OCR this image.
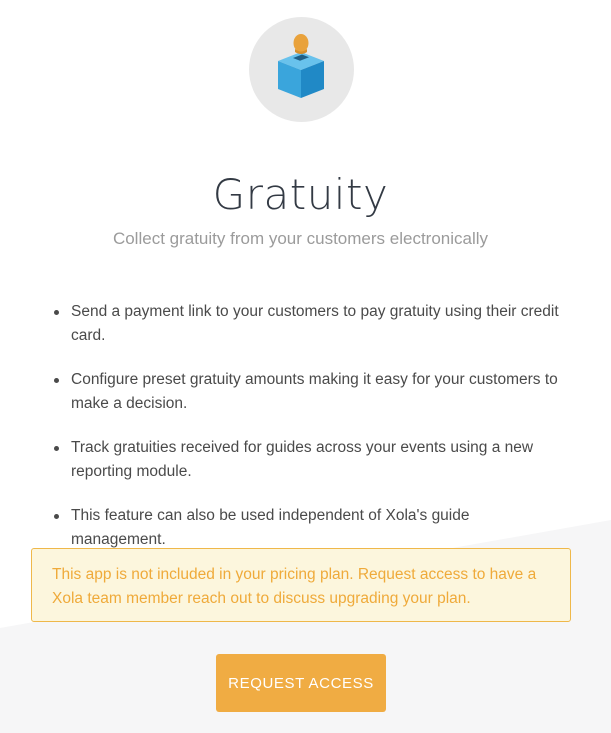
Gratuity

Collect gratuity from your customers electronically

Send a payment link to your customers to pay gratuity using their credit card.
Configure preset gratuity amounts making it easy for your customers to make a decision.
Track gratuities received for guides across your events using a new reporting module.
This feature can also be used independent of Xola's guide management.
This app is not included in your pricing plan. Request access to have a Xola team member reach out to discuss upgrading your plan.
REQUEST ACCESS
